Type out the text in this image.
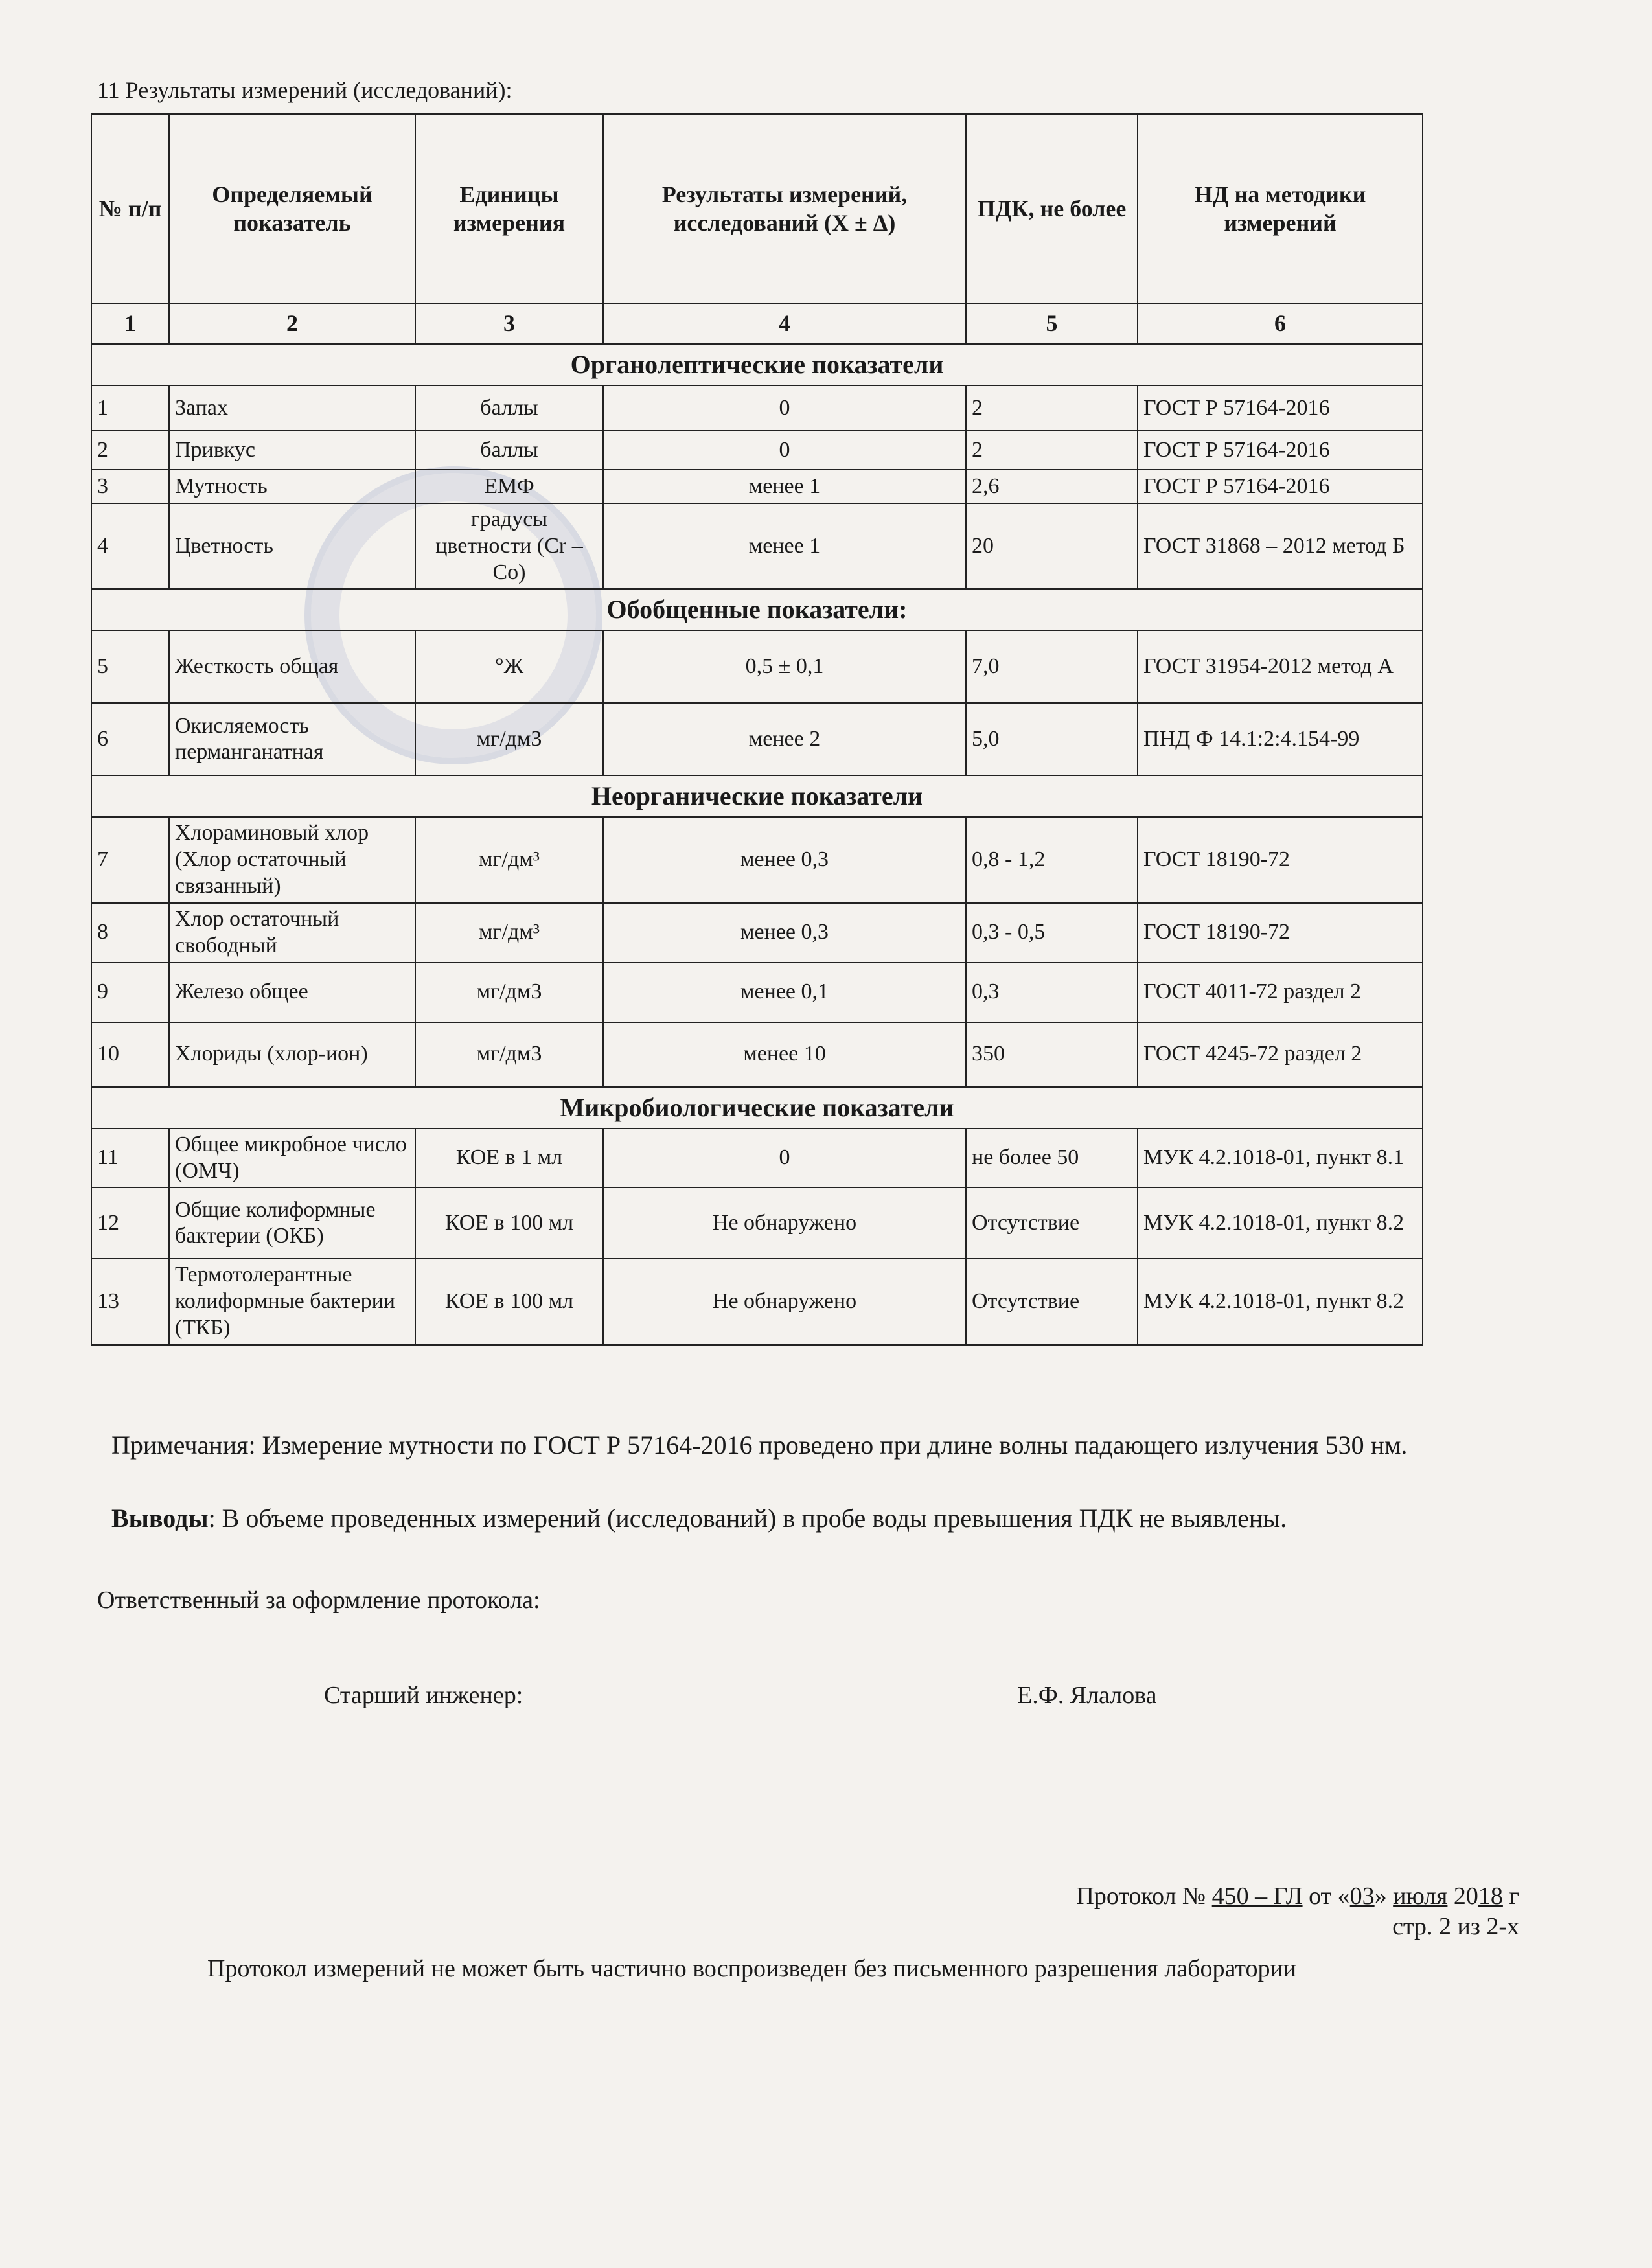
11 Результаты измерений (исследований):
№ п/п	Определяемый показатель	Единицы измерения	Результаты измерений, исследований (X ± Δ)	ПДК, не более	НД на методики измерений
1	2	3	4	5	6
Органолептические показатели					
1	Запах	баллы	0	2	ГОСТ Р 57164-2016
2	Привкус	баллы	0	2	ГОСТ Р 57164-2016
3	Мутность	ЕМФ	менее 1	2,6	ГОСТ Р 57164-2016
4	Цветность	градусы цветности (Cr – Co)	менее 1	20	ГОСТ 31868 – 2012 метод Б
Обобщенные показатели:					
5	Жесткость общая	°Ж	0,5 ± 0,1	7,0	ГОСТ 31954-2012 метод А
6	Окисляемость перманганатная	мг/дм3	менее 2	5,0	ПНД Ф 14.1:2:4.154-99
Неорганические показатели					
7	Хлораминовый хлор (Хлор остаточный связанный)	мг/дм³	менее 0,3	0,8 - 1,2	ГОСТ 18190-72
8	Хлор остаточный свободный	мг/дм³	менее 0,3	0,3 - 0,5	ГОСТ 18190-72
9	Железо общее	мг/дм3	менее 0,1	0,3	ГОСТ 4011-72 раздел 2
10	Хлориды (хлор-ион)	мг/дм3	менее 10	350	ГОСТ 4245-72 раздел 2
Микробиологические показатели					
11	Общее микробное число (ОМЧ)	КОЕ в 1 мл	0	не более 50	МУК 4.2.1018-01, пункт 8.1
12	Общие колиформные бактерии (ОКБ)	КОЕ в 100 мл	Не обнаружено	Отсутствие	МУК 4.2.1018-01, пункт 8.2
13	Термотолерантные колиформные бактерии (ТКБ)	КОЕ в 100 мл	Не обнаружено	Отсутствие	МУК 4.2.1018-01, пункт 8.2
Примечания: Измерение мутности по ГОСТ Р 57164-2016 проведено при длине волны падающего излучения 530 нм.
Выводы: В объеме проведенных измерений (исследований) в пробе воды превышения ПДК не выявлены.
Ответственный за оформление протокола:
Старший инженер:	Е.Ф. Ялалова
Протокол № 450 – ГЛ от «03» июля 2018 г
стр. 2 из 2-х
Протокол измерений не может быть частично воспроизведен без письменного разрешения лаборатории
